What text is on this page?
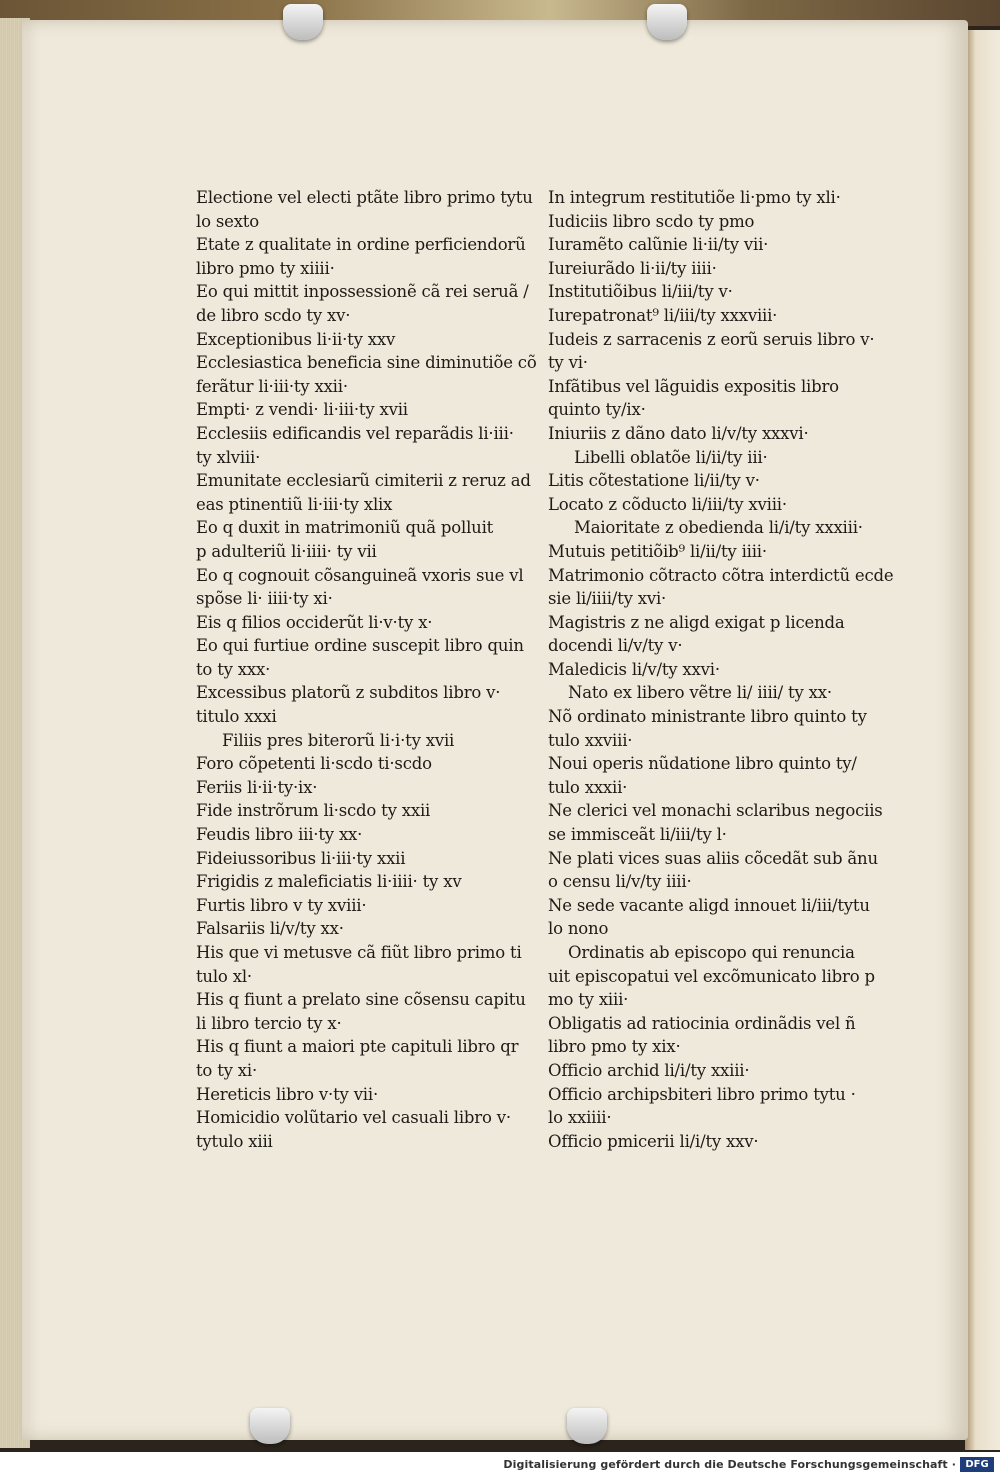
Electione vel electi ptãte libro primo tytu
lo sexto
Etate z qualitate in ordine perficiendorũ
libro pmo ty xiiii·
Eo qui mittit inpossessionẽ cã rei seruã /
de libro scdo ty xv·
Exceptionibus li·ii·ty xxv
Ecclesiastica beneficia sine diminutiõe cõ
ferãtur li·iii·ty xxii·
Empti· z vendi· li·iii·ty xvii
Ecclesiis edificandis vel reparãdis li·iii·
ty xlviii·
Emunitate ecclesiarũ cimiterii z reruz ad
eas ptinentiũ li·iii·ty xlix
Eo q duxit in matrimoniũ quã polluit
p adulteriũ li·iiii· ty vii
Eo q cognouit cõsanguineã vxoris sue vl
spõse li· iiii·ty xi·
Eis q filios occiderũt li·v·ty x·
Eo qui furtiue ordine suscepit libro quin
to ty xxx·
Excessibus platorũ z subditos libro v·
titulo xxxi
Filiis pres biterorũ li·i·ty xvii
Foro cõpetenti li·scdo ti·scdo
Feriis li·ii·ty·ix·
Fide instrõrum li·scdo ty xxii
Feudis libro iii·ty xx·
Fideiussoribus li·iii·ty xxii
Frigidis z maleficiatis li·iiii· ty xv
Furtis libro v ty xviii·
Falsariis li/v/ty xx·
His que vi metusve cã fiũt libro primo ti
tulo xl·
His q fiunt a prelato sine cõsensu capitu
li libro tercio ty x·
His q fiunt a maiori pte capituli libro qr
to ty xi·
Hereticis libro v·ty vii·
Homicidio volũtario vel casuali libro v·
tytulo xiii
In integrum restitutiõe li·pmo ty xli·
Iudiciis libro scdo ty pmo
Iuramẽto calũnie li·ii/ty vii·
Iureiurãdo li·ii/ty iiii·
Institutiõibus li/iii/ty v·
Iurepatronat⁹ li/iii/ty xxxviii·
Iudeis z sarracenis z eorũ seruis libro v·
ty vi·
Infãtibus vel lãguidis expositis libro
quinto ty/ix·
Iniuriis z dãno dato li/v/ty xxxvi·
Libelli oblatõe li/ii/ty iii·
Litis cõtestatione li/ii/ty v·
Locato z cõducto li/iii/ty xviii·
Maioritate z obedienda li/i/ty xxxiii·
Mutuis petitiõib⁹ li/ii/ty iiii·
Matrimonio cõtracto cõtra interdictũ ecde
sie li/iiii/ty xvi·
Magistris z ne aligd exigat p licenda
docendi li/v/ty v·
Maledicis li/v/ty xxvi·
Nato ex libero vẽtre li/ iiii/ ty xx·
Nõ ordinato ministrante libro quinto ty
tulo xxviii·
Noui operis nũdatione libro quinto ty/
tulo xxxii·
Ne clerici vel monachi sclaribus negociis
se immisceãt li/iii/ty l·
Ne plati vices suas aliis cõcedãt sub ãnu
o censu li/v/ty iiii·
Ne sede vacante aligd innouet li/iii/tytu
lo nono
Ordinatis ab episcopo qui renuncia
uit episcopatui vel excõmunicato libro p
mo ty xiii·
Obligatis ad ratiocinia ordinãdis vel ñ
libro pmo ty xix·
Officio archid li/i/ty xxiii·
Officio archipsbiteri libro primo tytu ·
lo xxiiii·
Officio pmicerii li/i/ty xxv·
Digitalisierung gefördert durch die Deutsche Forschungsgemeinschaft · DFG
